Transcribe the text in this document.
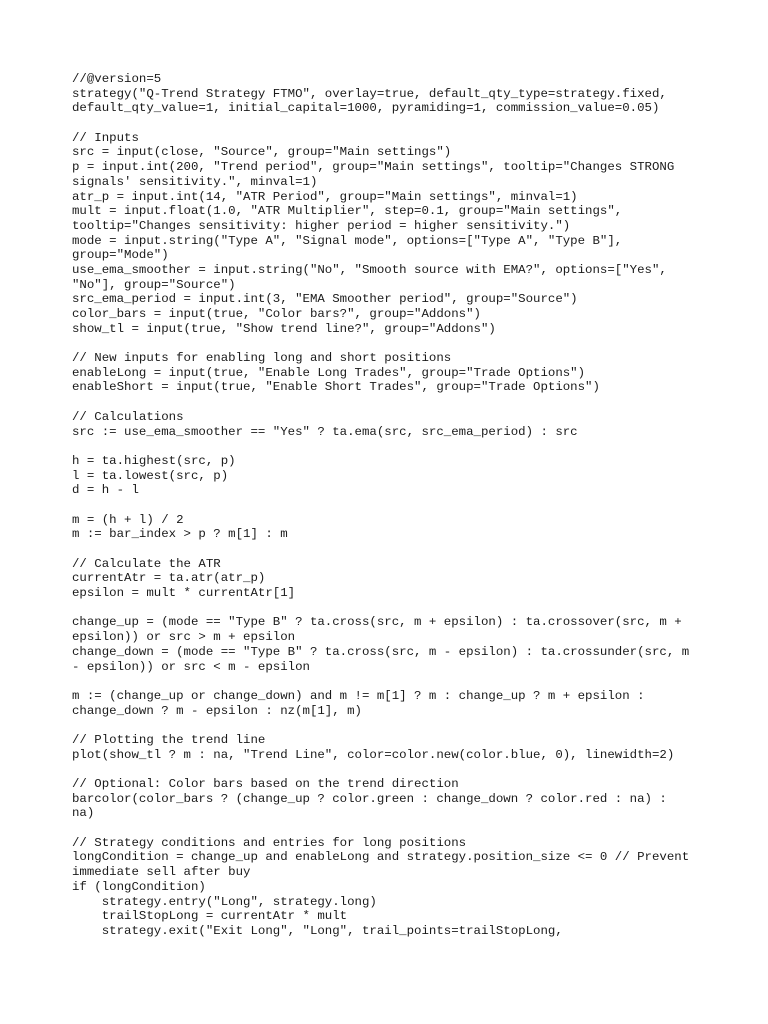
//@version=5
strategy("Q-Trend Strategy FTMO", overlay=true, default_qty_type=strategy.fixed,
default_qty_value=1, initial_capital=1000, pyramiding=1, commission_value=0.05)
// Inputs
src = input(close, "Source", group="Main settings")
p = input.int(200, "Trend period", group="Main settings", tooltip="Changes STRONG
signals' sensitivity.", minval=1)
atr_p = input.int(14, "ATR Period", group="Main settings", minval=1)
mult = input.float(1.0, "ATR Multiplier", step=0.1, group="Main settings",
tooltip="Changes sensitivity: higher period = higher sensitivity.")
mode = input.string("Type A", "Signal mode", options=["Type A", "Type B"],
group="Mode")
use_ema_smoother = input.string("No", "Smooth source with EMA?", options=["Yes",
"No"], group="Source")
src_ema_period = input.int(3, "EMA Smoother period", group="Source")
color_bars = input(true, "Color bars?", group="Addons")
show_tl = input(true, "Show trend line?", group="Addons")
// New inputs for enabling long and short positions
enableLong = input(true, "Enable Long Trades", group="Trade Options")
enableShort = input(true, "Enable Short Trades", group="Trade Options")
// Calculations
src := use_ema_smoother == "Yes" ? ta.ema(src, src_ema_period) : src
h = ta.highest(src, p)
l = ta.lowest(src, p)
d = h - l
m = (h + l) / 2
m := bar_index > p ? m[1] : m
// Calculate the ATR
currentAtr = ta.atr(atr_p)
epsilon = mult * currentAtr[1]
change_up = (mode == "Type B" ? ta.cross(src, m + epsilon) : ta.crossover(src, m +
epsilon)) or src > m + epsilon
change_down = (mode == "Type B" ? ta.cross(src, m - epsilon) : ta.crossunder(src, m
- epsilon)) or src < m - epsilon
m := (change_up or change_down) and m != m[1] ? m : change_up ? m + epsilon :
change_down ? m - epsilon : nz(m[1], m)
// Plotting the trend line
plot(show_tl ? m : na, "Trend Line", color=color.new(color.blue, 0), linewidth=2)
// Optional: Color bars based on the trend direction
barcolor(color_bars ? (change_up ? color.green : change_down ? color.red : na) :
na)
// Strategy conditions and entries for long positions
longCondition = change_up and enableLong and strategy.position_size <= 0 // Prevent
immediate sell after buy
if (longCondition)
strategy.entry("Long", strategy.long)
trailStopLong = currentAtr * mult
strategy.exit("Exit Long", "Long", trail_points=trailStopLong,
